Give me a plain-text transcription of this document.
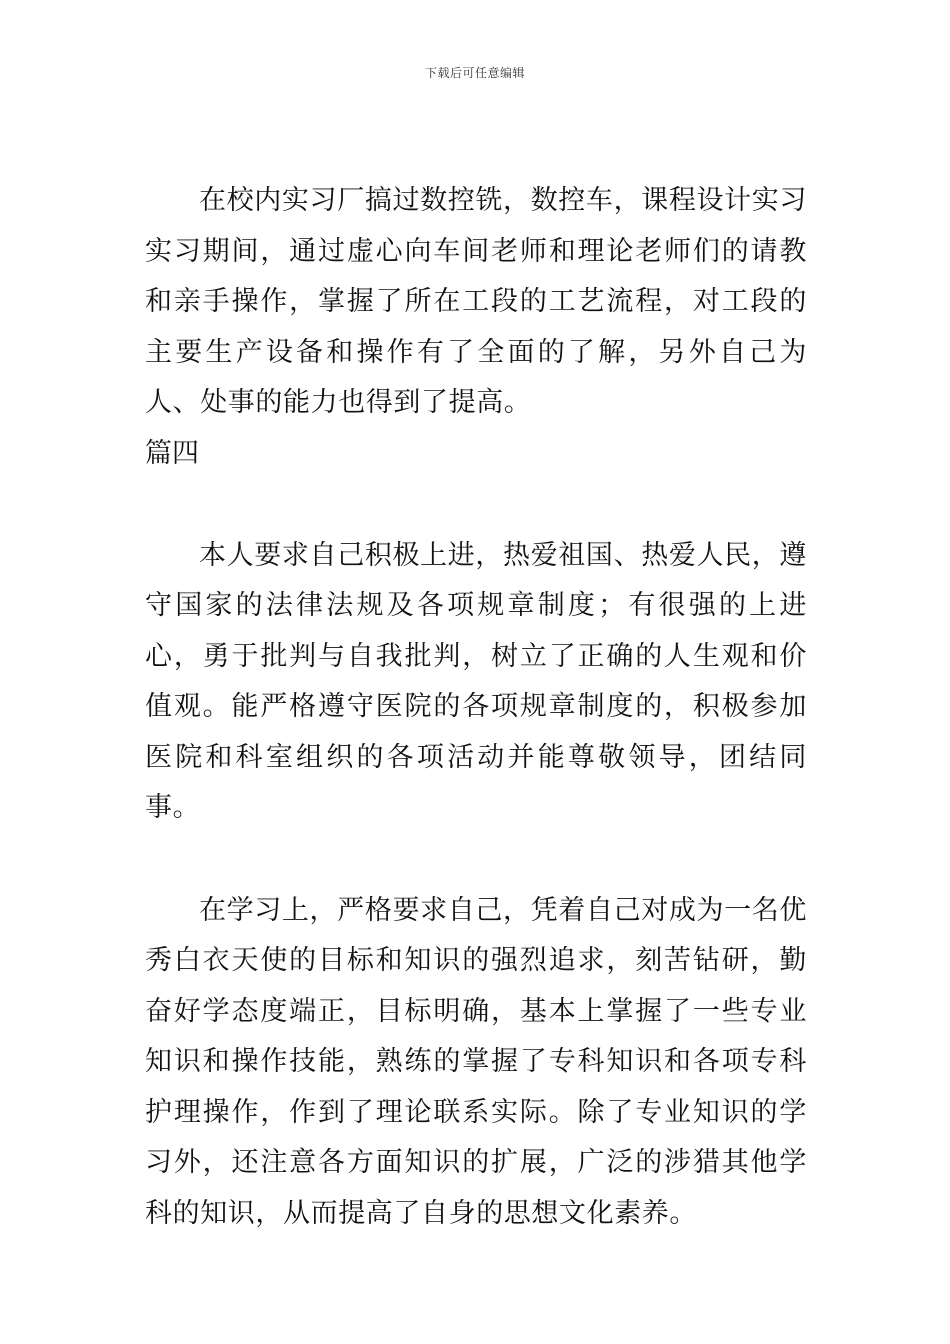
下载后可任意编辑

在校内实习厂搞过数控铣，数控车，课程设计实习实习期间，通过虚心向车间老师和理论老师们的请教和亲手操作，掌握了所在工段的工艺流程，对工段的主要生产设备和操作有了全面的了解，另外自己为人、处事的能力也得到了提高。

篇四

本人要求自己积极上进，热爱祖国、热爱人民，遵守国家的法律法规及各项规章制度；有很强的上进心，勇于批判与自我批判，树立了正确的人生观和价值观。能严格遵守医院的各项规章制度的，积极参加医院和科室组织的各项活动并能尊敬领导，团结同事。

在学习上，严格要求自己，凭着自己对成为一名优秀白衣天使的目标和知识的强烈追求，刻苦钻研，勤奋好学态度端正，目标明确，基本上掌握了一些专业知识和操作技能，熟练的掌握了专科知识和各项专科护理操作，作到了理论联系实际。除了专业知识的学习外，还注意各方面知识的扩展，广泛的涉猎其他学科的知识，从而提高了自身的思想文化素养。
